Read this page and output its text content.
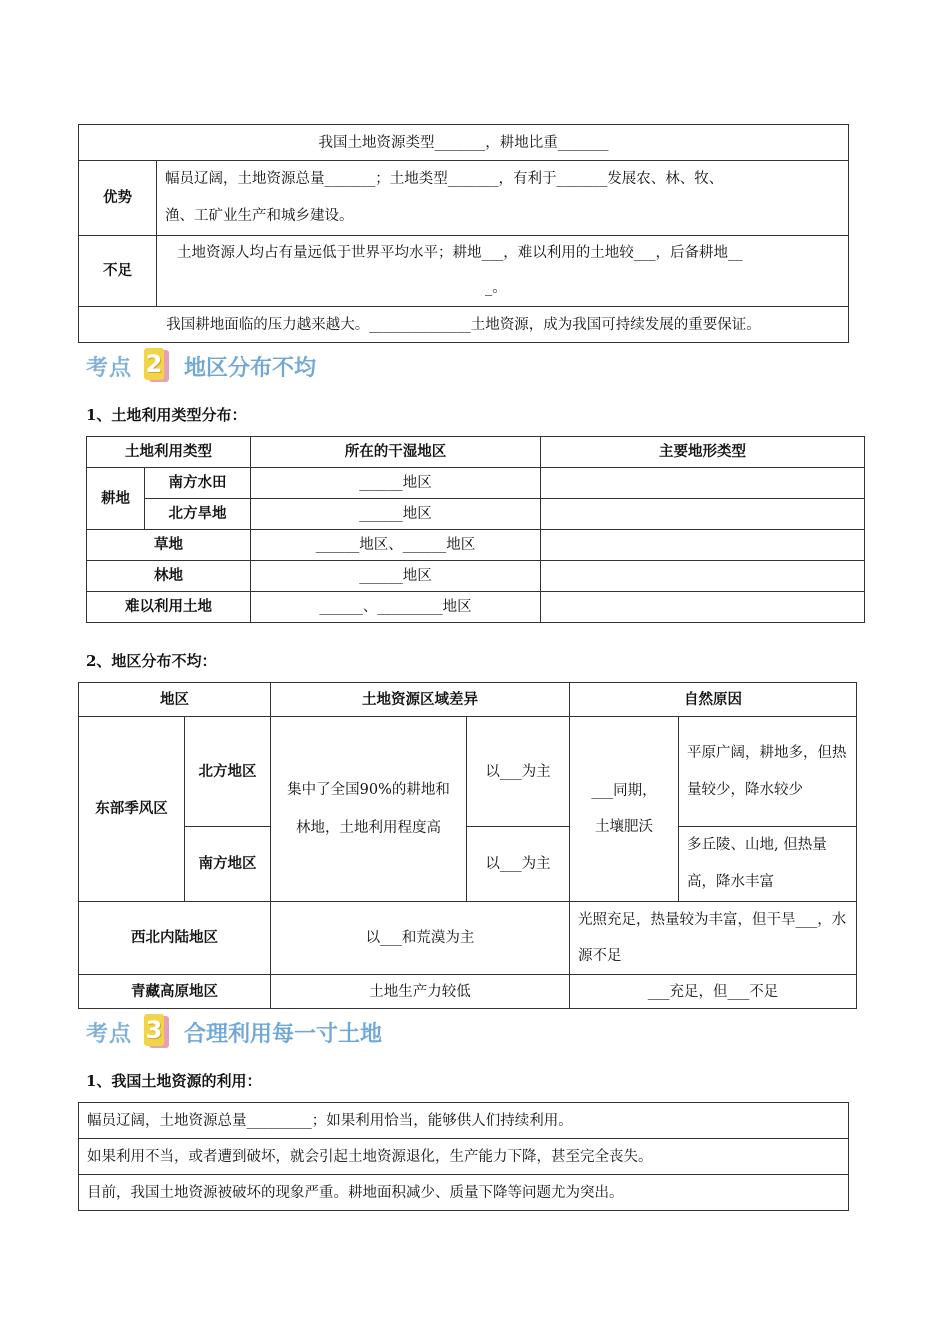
我国土地资源类型_______，耕地比重_______	
优势	幅员辽阔，土地资源总量_______；土地类型_______，有利于_______发展农、林、牧、
渔、工矿业生产和城乡建设。

不足	土地资源人均占有量远低于世界平均水平；耕地___，难以利用的土地较___，后备耕地__
_。

我国耕地面临的压力越来越大。______________土地资源，成为我国可持续发展的重要保证。	
考点 2 地区分布不均
1、土地利用类型分布：
土地利用类型		所在的干湿地区	主要地形类型
耕地	南方水田	______地区	
	北方旱地	______地区	
草地		______地区、______地区	
林地		______地区	
难以利用土地		______、_________地区	
2、地区分布不均：
地区		土地资源区域差异		自然原因	
东部季风区	北方地区	集中了全国90%的耕地和林地，土地利用程度高	以___为主	___同期，土壤肥沃	平原广阔，耕地多，但热量较少，降水较少
	南方地区		以___为主		多丘陵、山地, 但热量高，降水丰富
西北内陆地区		以___和荒漠为主		光照充足，热量较为丰富，但干旱___，水源不足	
青藏高原地区		土地生产力较低		___充足，但___不足	
考点 3 合理利用每一寸土地
1、我国土地资源的利用：
幅员辽阔，土地资源总量_________；如果利用恰当，能够供人们持续利用。
如果利用不当，或者遭到破坏，就会引起土地资源退化，生产能力下降，甚至完全丧失。
目前，我国土地资源被破坏的现象严重。耕地面积减少、质量下降等问题尤为突出。
